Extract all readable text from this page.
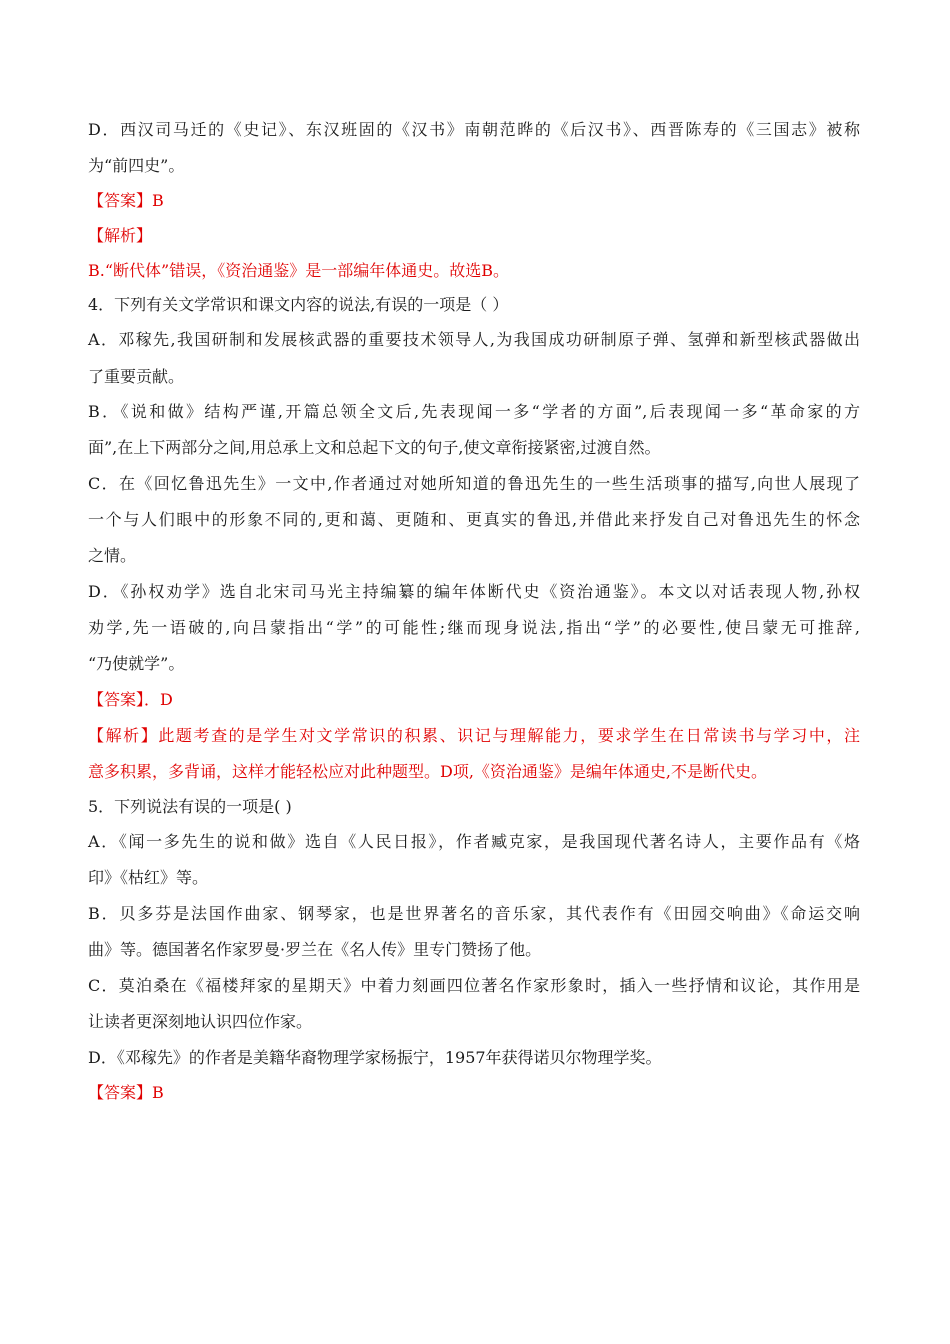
D．西汉司马迁的《史记》、东汉班固的《汉书》南朝范晔的《后汉书》、西晋陈寿的《三国志》被称
为“前四史”。
【答案】B
【解析】
B.“断代体”错误，《资治通鉴》是一部编年体通史。故选B。
4．下列有关文学常识和课文内容的说法,有误的一项是（ ）
A．邓稼先,我国研制和发展核武器的重要技术领导人,为我国成功研制原子弹、氢弹和新型核武器做出
了重要贡献。
B．《说和做》结构严谨,开篇总领全文后,先表现闻一多“学者的方面”,后表现闻一多“革命家的方
面”,在上下两部分之间,用总承上文和总起下文的句子,使文章衔接紧密,过渡自然。
C．在《回忆鲁迅先生》一文中,作者通过对她所知道的鲁迅先生的一些生活琐事的描写,向世人展现了
一个与人们眼中的形象不同的,更和蔼、更随和、更真实的鲁迅,并借此来抒发自己对鲁迅先生的怀念
之情。
D．《孙权劝学》选自北宋司马光主持编纂的编年体断代史《资治通鉴》。本文以对话表现人物,孙权
劝学,先一语破的,向吕蒙指出“学”的可能性;继而现身说法,指出“学”的必要性,使吕蒙无可推辞,
“乃使就学”。
【答案】．D
【解析】此题考查的是学生对文学常识的积累、识记与理解能力，要求学生在日常读书与学习中，注
意多积累，多背诵，这样才能轻松应对此种题型。D项,《资治通鉴》是编年体通史,不是断代史。
5．下列说法有误的一项是( )
A．《闻一多先生的说和做》选自《人民日报》，作者臧克家，是我国现代著名诗人，主要作品有《烙
印》《枯红》等。
B．贝多芬是法国作曲家、钢琴家，也是世界著名的音乐家，其代表作有《田园交响曲》《命运交响
曲》等。德国著名作家罗曼·罗兰在《名人传》里专门赞扬了他。
C．莫泊桑在《福楼拜家的星期天》中着力刻画四位著名作家形象时，插入一些抒情和议论，其作用是
让读者更深刻地认识四位作家。
D．《邓稼先》的作者是美籍华裔物理学家杨振宁，1957年获得诺贝尔物理学奖。
【答案】B
